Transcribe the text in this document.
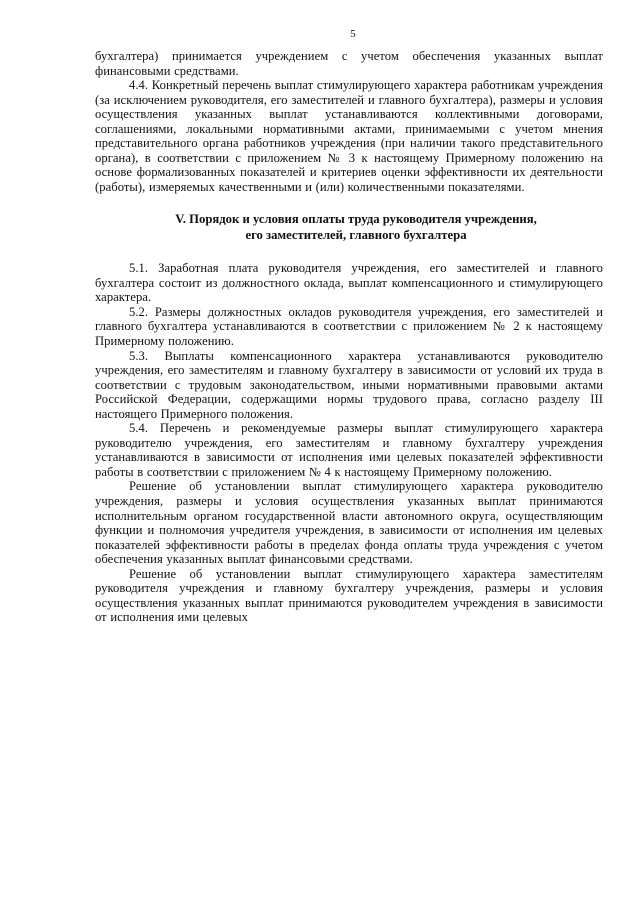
5

бухгалтера) принимается учреждением с учетом обеспечения указанных выплат финансовыми средствами.

4.4. Конкретный перечень выплат стимулирующего характера работникам учреждения (за исключением руководителя, его заместителей и главного бухгалтера), размеры и условия осуществления указанных выплат устанавливаются коллективными договорами, соглашениями, локальными нормативными актами, принимаемыми с учетом мнения представительного органа работников учреждения (при наличии такого представительного органа), в соответствии с приложением № 3 к настоящему Примерному положению на основе формализованных показателей и критериев оценки эффективности их деятельности (работы), измеряемых качественными и (или) количественными показателями.

V. Порядок и условия оплаты труда руководителя учреждения,

его заместителей, главного бухгалтера

5.1. Заработная плата руководителя учреждения, его заместителей и главного бухгалтера состоит из должностного оклада, выплат компенсационного и стимулирующего характера.

5.2. Размеры должностных окладов руководителя учреждения, его заместителей и главного бухгалтера устанавливаются в соответствии с приложением № 2 к настоящему Примерному положению.

5.3. Выплаты компенсационного характера устанавливаются руководителю учреждения, его заместителям и главному бухгалтеру в зависимости от условий их труда в соответствии с трудовым законодательством, иными нормативными правовыми актами Российской Федерации, содержащими нормы трудового права, согласно разделу III настоящего Примерного положения.

5.4. Перечень и рекомендуемые размеры выплат стимулирующего характера руководителю учреждения, его заместителям и главному бухгалтеру учреждения устанавливаются в зависимости от исполнения ими целевых показателей эффективности работы в соответствии с приложением № 4 к настоящему Примерному положению.

Решение об установлении выплат стимулирующего характера руководителю учреждения, размеры и условия осуществления указанных выплат принимаются исполнительным органом государственной власти автономного округа, осуществляющим функции и полномочия учредителя учреждения, в зависимости от исполнения им целевых показателей эффективности работы в пределах фонда оплаты труда учреждения с учетом обеспечения указанных выплат финансовыми средствами.

Решение об установлении выплат стимулирующего характера заместителям руководителя учреждения и главному бухгалтеру учреждения, размеры и условия осуществления указанных выплат принимаются руководителем учреждения в зависимости от исполнения ими целевых
